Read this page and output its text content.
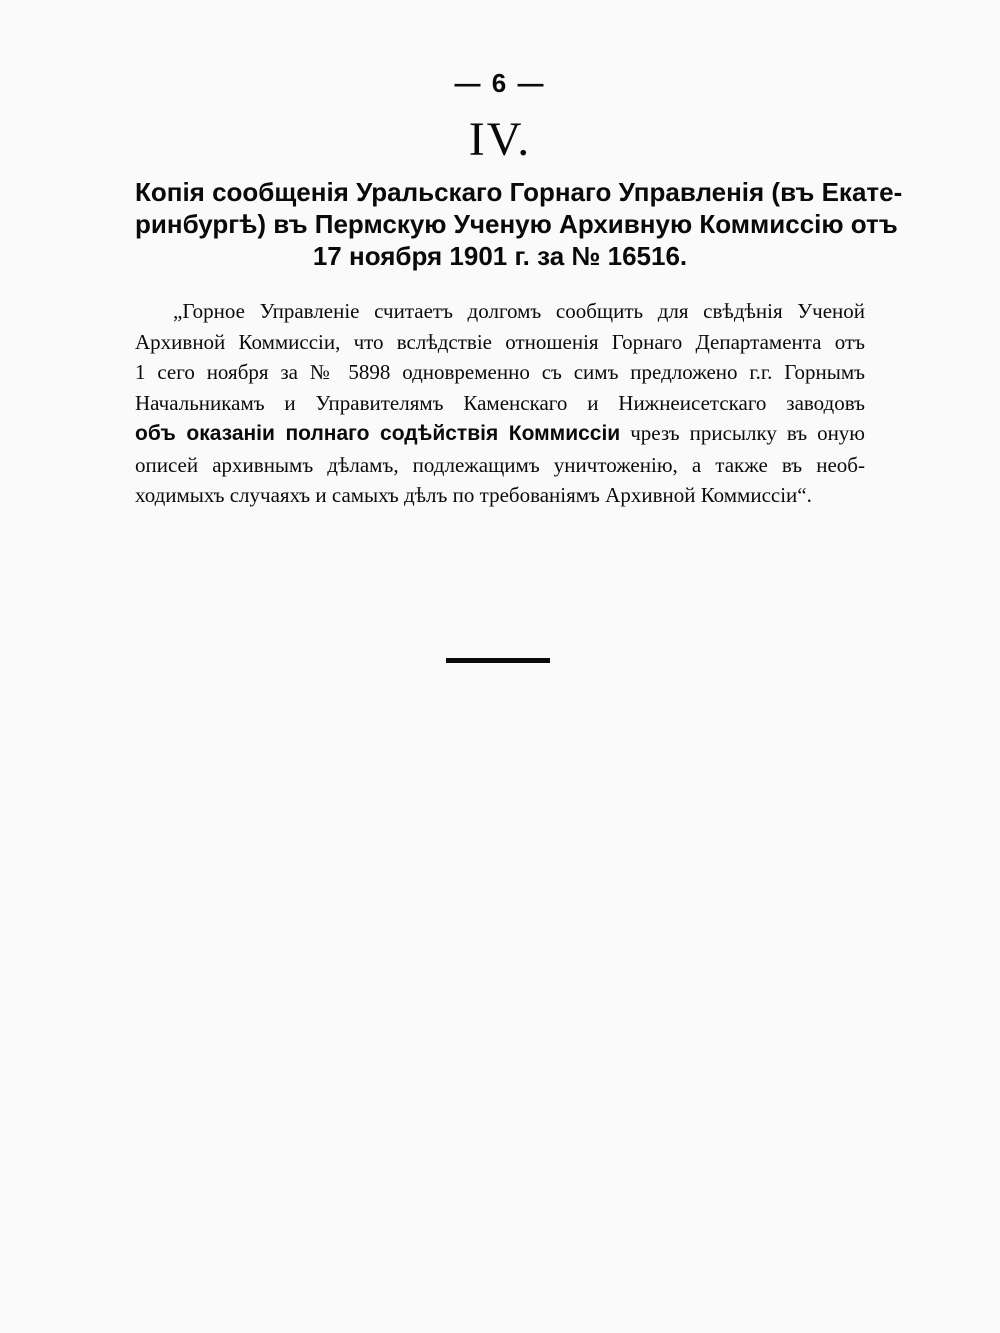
— 6 —
IV.
Копія сообщенія Уральскаго Горнаго Управленія (въ Екате-
ринбургѣ) въ Пермскую Ученую Архивную Коммиссію отъ
17 ноября 1901 г. за № 16516.
„Горное Управленіе считаетъ долгомъ сообщить для свѣдѣнія Ученой
Архивной Коммиссіи, что вслѣдствіе отношенія Горнаго Департамента отъ
1 сего ноября за № 5898 одновременно съ симъ предложено г.г. Горнымъ
Начальникамъ и Управителямъ Каменскаго и Нижнеисетскаго заводовъ
объ оказаніи полнаго содѣйствія Коммиссіи чрезъ присылку въ оную
описей архивнымъ дѣламъ, подлежащимъ уничтоженію, а также въ необ-
ходимыхъ случаяхъ и самыхъ дѣлъ по требованіямъ Архивной Коммиссіи“.
